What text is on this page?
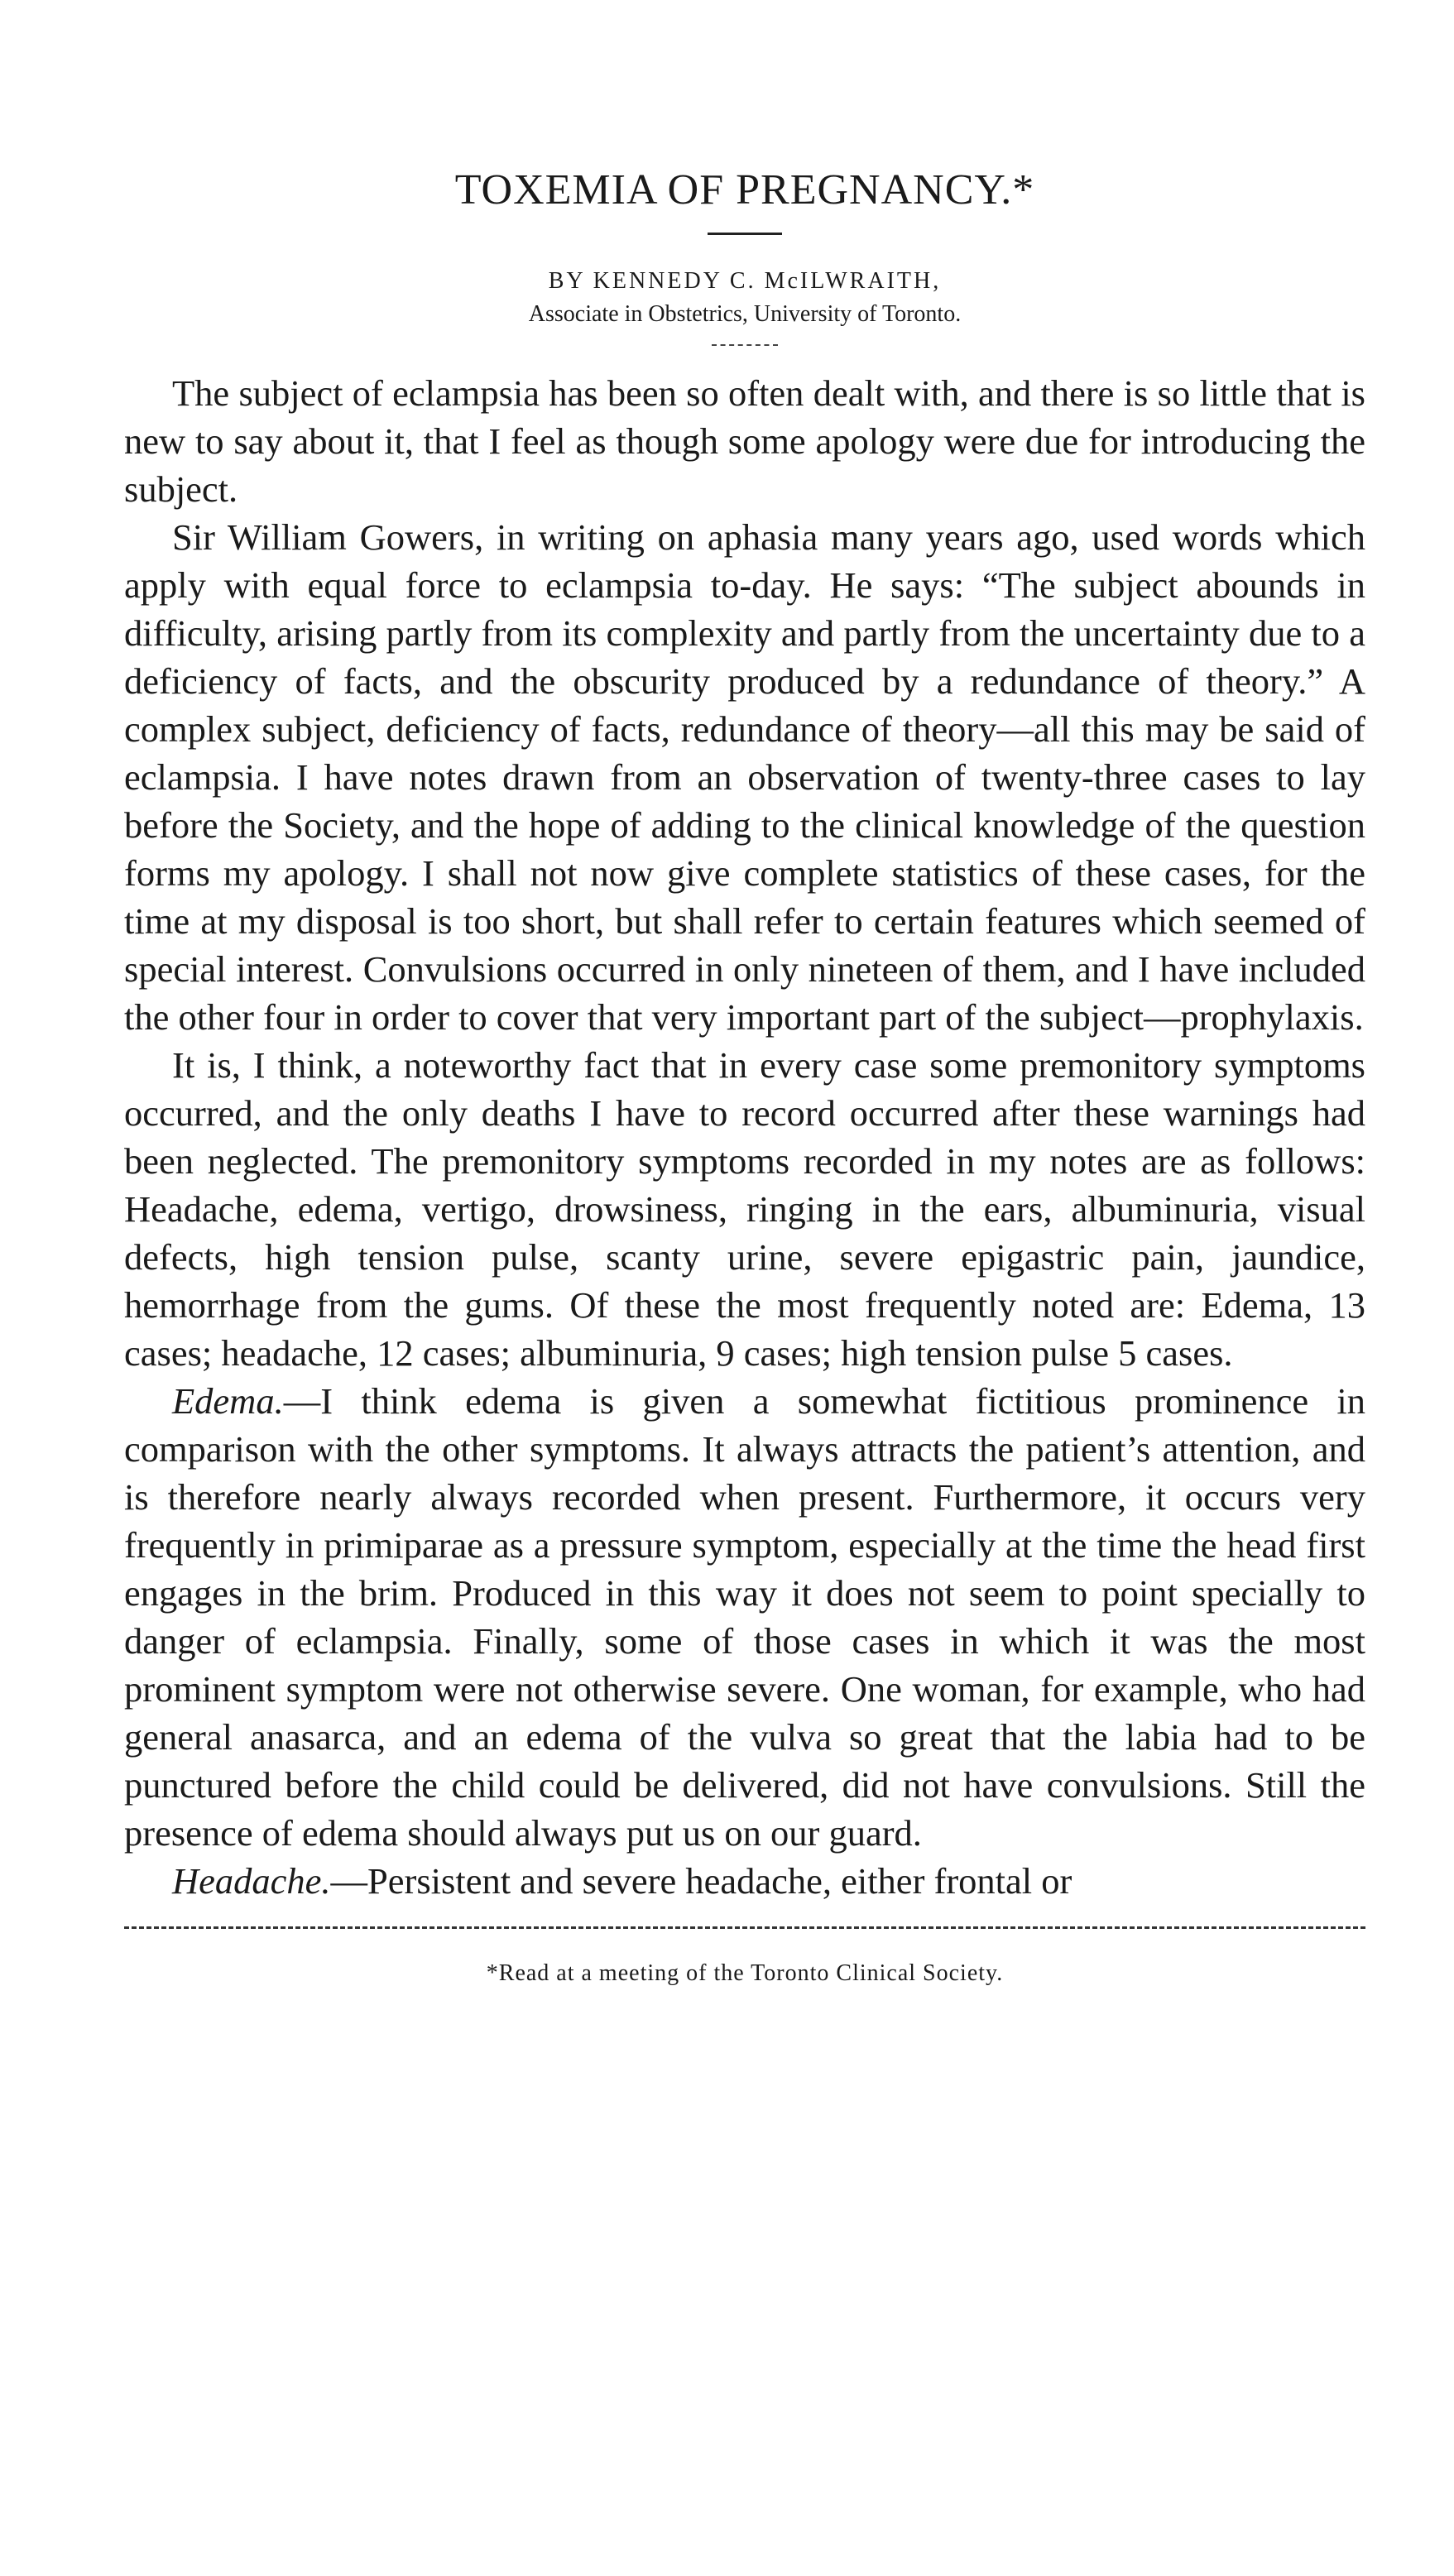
TOXEMIA OF PREGNANCY.*
BY KENNEDY C. McILWRAITH,
Associate in Obstetrics, University of Toronto.

The subject of eclampsia has been so often dealt with, and there is so little that is new to say about it, that I feel as though some apology were due for introducing the subject.

Sir William Gowers, in writing on aphasia many years ago, used words which apply with equal force to eclampsia to-day. He says: “The subject abounds in difficulty, arising partly from its complexity and partly from the uncertainty due to a deficiency of facts, and the obscurity produced by a redundance of theory.” A complex subject, deficiency of facts, redundance of theory—all this may be said of eclampsia. I have notes drawn from an observation of twenty-three cases to lay before the Society, and the hope of adding to the clinical knowledge of the question forms my apology. I shall not now give complete statistics of these cases, for the time at my disposal is too short, but shall refer to certain features which seemed of special interest. Convulsions occurred in only nineteen of them, and I have included the other four in order to cover that very important part of the subject—prophylaxis.

It is, I think, a noteworthy fact that in every case some premonitory symptoms occurred, and the only deaths I have to record occurred after these warnings had been neglected. The premonitory symptoms recorded in my notes are as follows: Headache, edema, vertigo, drowsiness, ringing in the ears, albuminuria, visual defects, high tension pulse, scanty urine, severe epigastric pain, jaundice, hemorrhage from the gums. Of these the most frequently noted are: Edema, 13 cases; headache, 12 cases; albuminuria, 9 cases; high tension pulse 5 cases.

Edema.—I think edema is given a somewhat fictitious prominence in comparison with the other symptoms. It always attracts the patient’s attention, and is therefore nearly always recorded when present. Furthermore, it occurs very frequently in primiparae as a pressure symptom, especially at the time the head first engages in the brim. Produced in this way it does not seem to point specially to danger of eclampsia. Finally, some of those cases in which it was the most prominent symptom were not otherwise severe. One woman, for example, who had general anasarca, and an edema of the vulva so great that the labia had to be punctured before the child could be delivered, did not have convulsions. Still the presence of edema should always put us on our guard.

Headache.—Persistent and severe headache, either frontal or

*Read at a meeting of the Toronto Clinical Society.
